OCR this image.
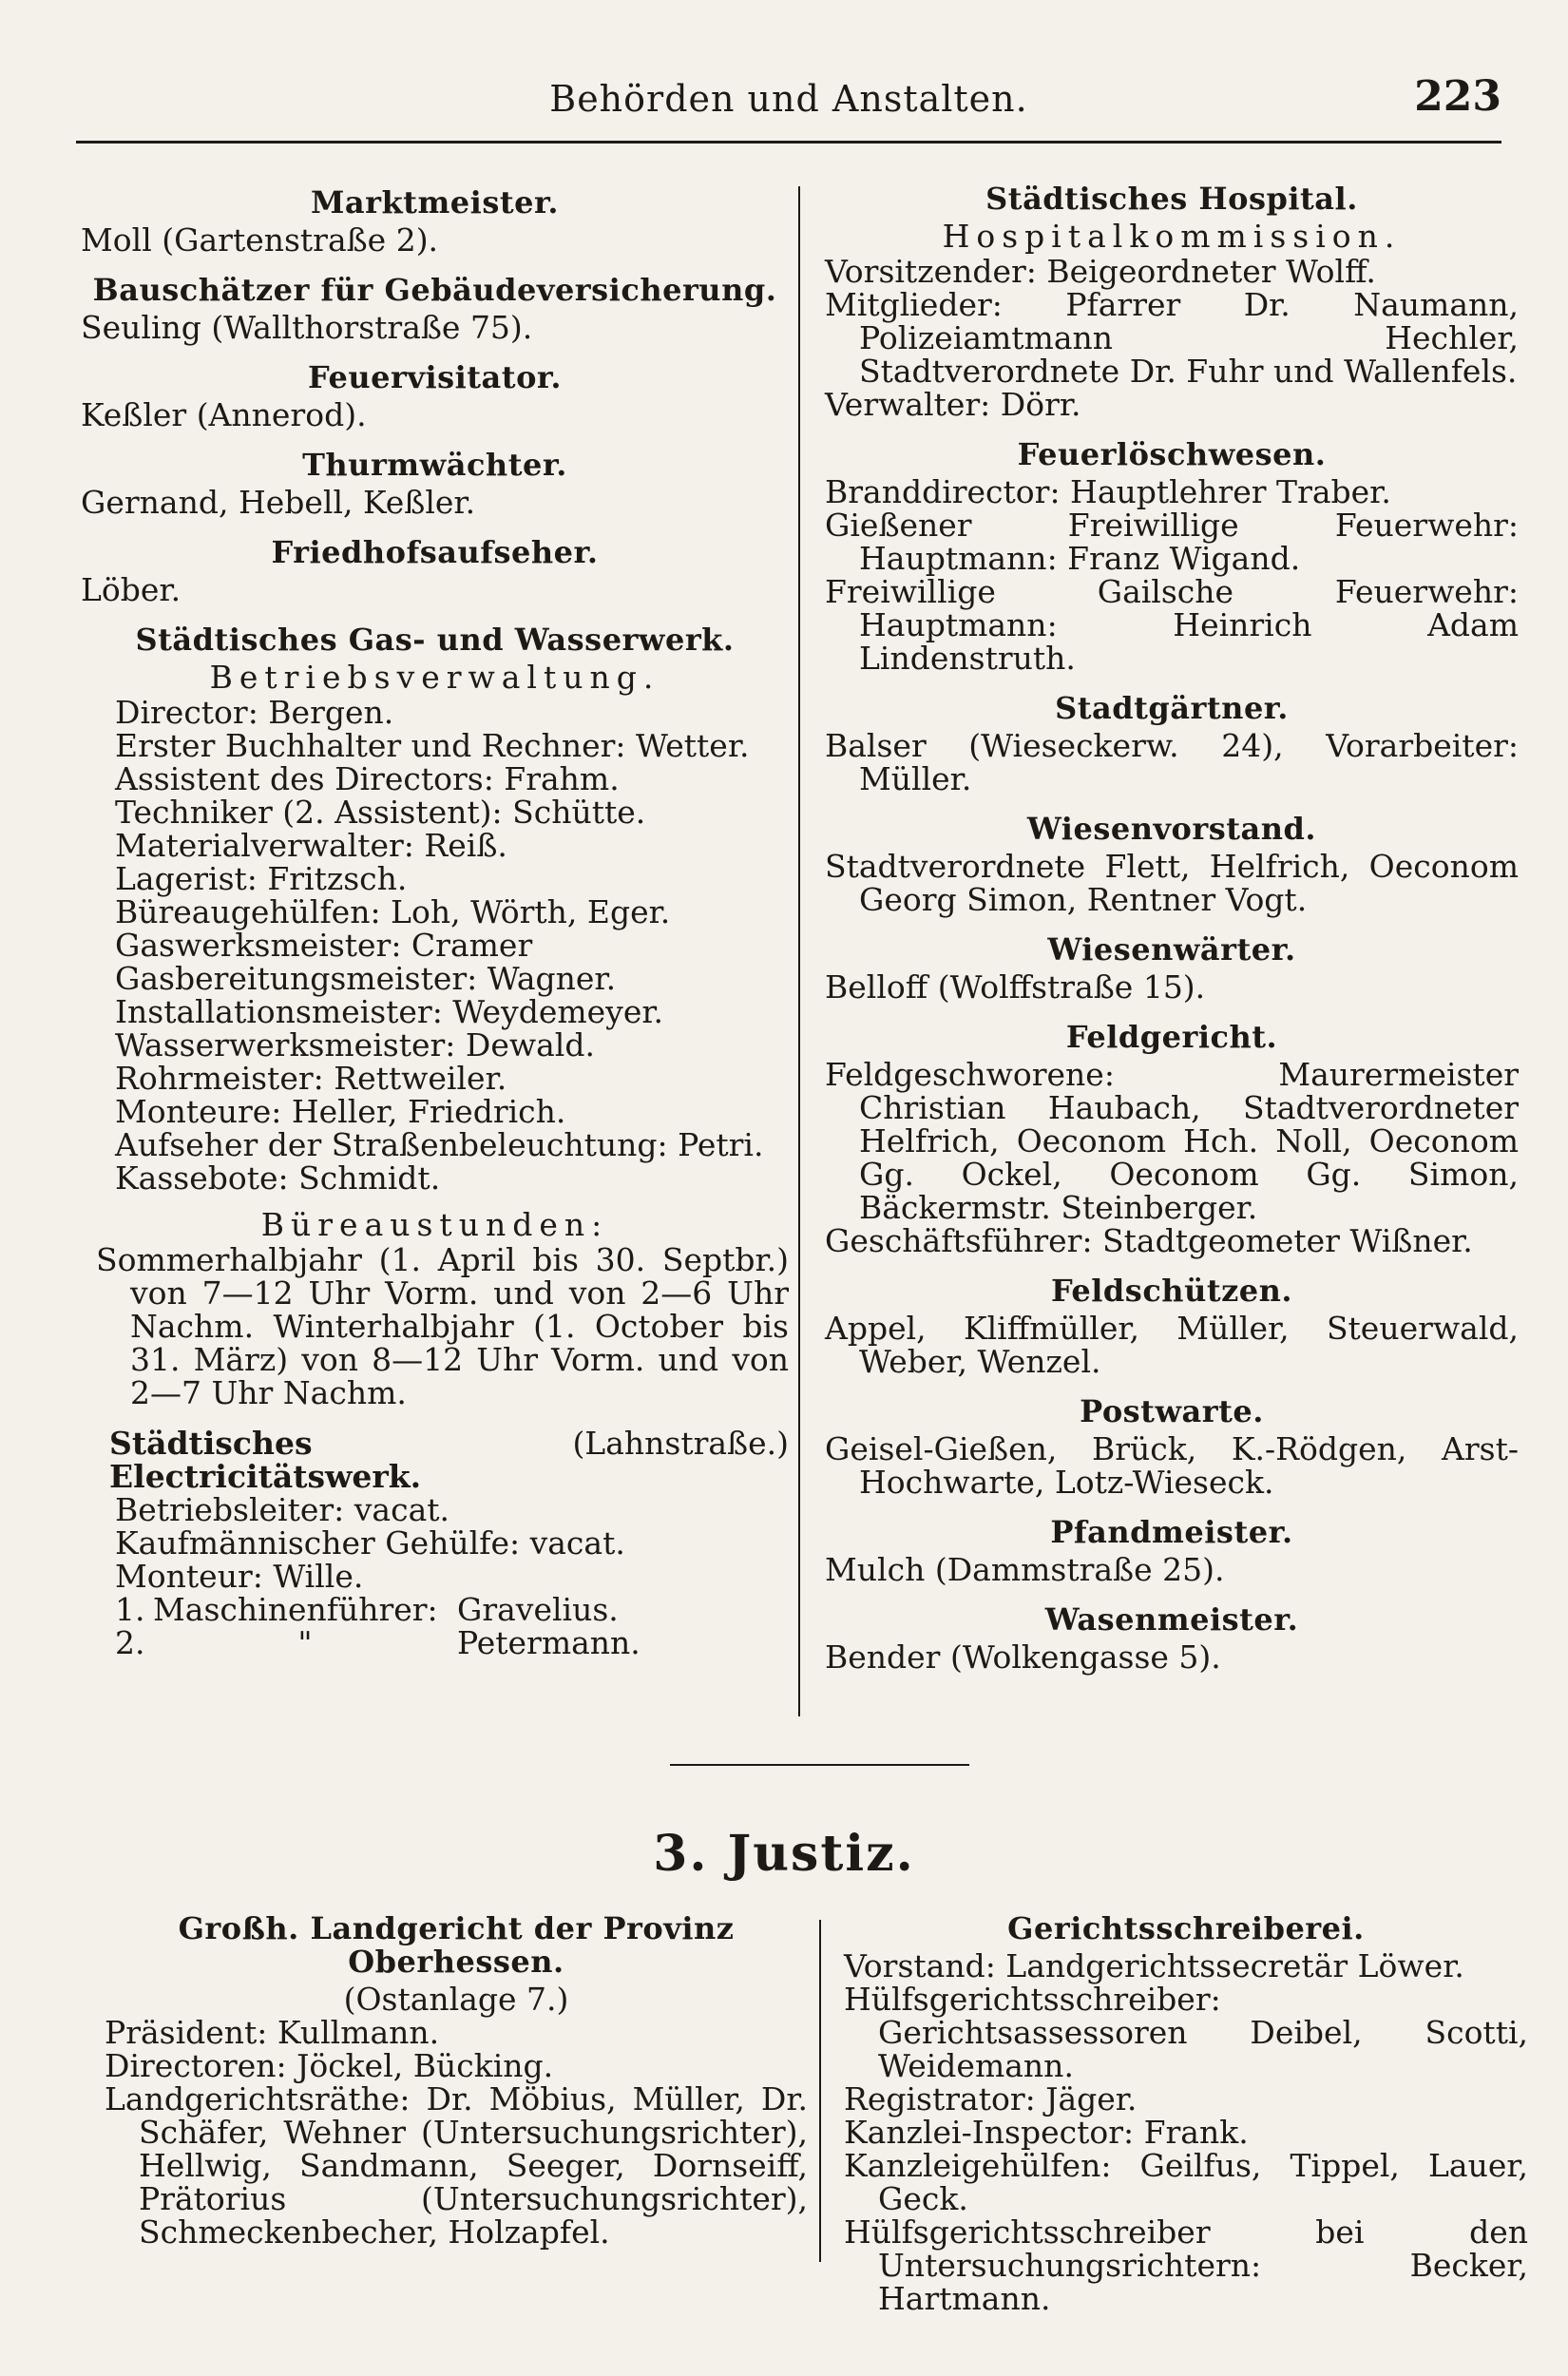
Behörden und Anstalten.	223
Marktmeister.

Moll (Gartenstraße 2).

Bauschätzer für Gebäudeversicherung.

Seuling (Wallthorstraße 75).

Feuervisitator.

Keßler (Annerod).

Thurmwächter.

Gernand, Hebell, Keßler.

Friedhofsaufseher.

Löber.

Städtisches Gas- und Wasserwerk.
Betriebsverwaltung.

Director: Bergen.

Erster Buchhalter und Rechner: Wetter.

Assistent des Directors: Frahm.

Techniker (2. Assistent): Schütte.

Materialverwalter: Reiß.

Lagerist: Fritzsch.

Büreaugehülfen: Loh, Wörth, Eger.

Gaswerksmeister: Cramer

Gasbereitungsmeister: Wagner.

Installationsmeister: Weydemeyer.

Wasserwerksmeister: Dewald.

Rohrmeister: Rettweiler.

Monteure: Heller, Friedrich.

Aufseher der Straßenbeleuchtung: Petri.

Kassebote: Schmidt.

Büreaustunden:

Sommerhalbjahr (1. April bis 30. Septbr.) von 7—12 Uhr Vorm. und von 2—6 Uhr Nachm. Winterhalbjahr (1. October bis 31. März) von 8—12 Uhr Vorm. und von 2—7 Uhr Nachm.

Städtisches Electricitätswerk.
(Lahnstraße.)

Betriebsleiter: vacat.

Kaufmännischer Gehülfe: vacat.

Monteur: Wille.

1. Maschinenführer: Gravelius.
2.	"	Petermann.
Städtisches Hospital.
Hospitalkommission.

Vorsitzender: Beigeordneter Wolff.

Mitglieder: Pfarrer Dr. Naumann, Polizeiamtmann Hechler, Stadtverordnete Dr. Fuhr und Wallenfels.

Verwalter: Dörr.

Feuerlöschwesen.

Branddirector: Hauptlehrer Traber.

Gießener Freiwillige Feuerwehr: Hauptmann: Franz Wigand.

Freiwillige Gailsche Feuerwehr: Hauptmann: Heinrich Adam Lindenstruth.

Stadtgärtner.

Balser (Wieseckerw. 24), Vorarbeiter: Müller.

Wiesenvorstand.

Stadtverordnete Flett, Helfrich, Oeconom Georg Simon, Rentner Vogt.

Wiesenwärter.

Belloff (Wolffstraße 15).

Feldgericht.

Feldgeschworene: Maurermeister Christian Haubach, Stadtverordneter Helfrich, Oeconom Hch. Noll, Oeconom Gg. Ockel, Oeconom Gg. Simon, Bäckermstr. Steinberger.

Geschäftsführer: Stadtgeometer Wißner.

Feldschützen.

Appel, Kliffmüller, Müller, Steuerwald, Weber, Wenzel.

Postwarte.

Geisel-Gießen, Brück, K.-Rödgen, Arst-Hochwarte, Lotz-Wieseck.

Pfandmeister.

Mulch (Dammstraße 25).

Wasenmeister.

Bender (Wolkengasse 5).

3. Justiz.
Großh. Landgericht der Provinz Oberhessen.
(Ostanlage 7.)

Präsident: Kullmann.

Directoren: Jöckel, Bücking.

Landgerichtsräthe: Dr. Möbius, Müller, Dr. Schäfer, Wehner (Untersuchungsrichter), Hellwig, Sandmann, Seeger, Dornseiff, Prätorius (Untersuchungsrichter), Schmeckenbecher, Holzapfel.

Gerichtsschreiberei.

Vorstand: Landgerichtssecretär Löwer.

Hülfsgerichtsschreiber: Gerichtsassessoren Deibel, Scotti, Weidemann.

Registrator: Jäger.

Kanzlei-Inspector: Frank.

Kanzleigehülfen: Geilfus, Tippel, Lauer, Geck.

Hülfsgerichtsschreiber bei den Untersuchungsrichtern: Becker, Hartmann.
